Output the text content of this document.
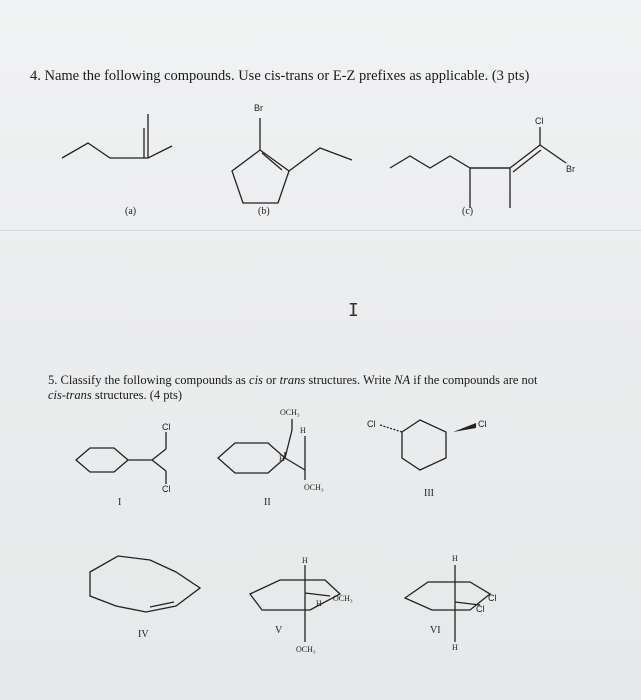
4. Name the following compounds. Use cis-trans or E-Z prefixes as applicable. (3 pts)
5. Classify the following compounds as cis or trans structures. Write NA if the compounds are not
cis-trans structures. (4 pts)
I
Br
Cl
Br
Cl
Cl
OCH₃
H
H
OCH₃
Cl	Cl
H
H
OCH₃
OCH₃
H
Cl
Cl
H
(a)	(b)	(c)
I	II
III
IV	V	VI
